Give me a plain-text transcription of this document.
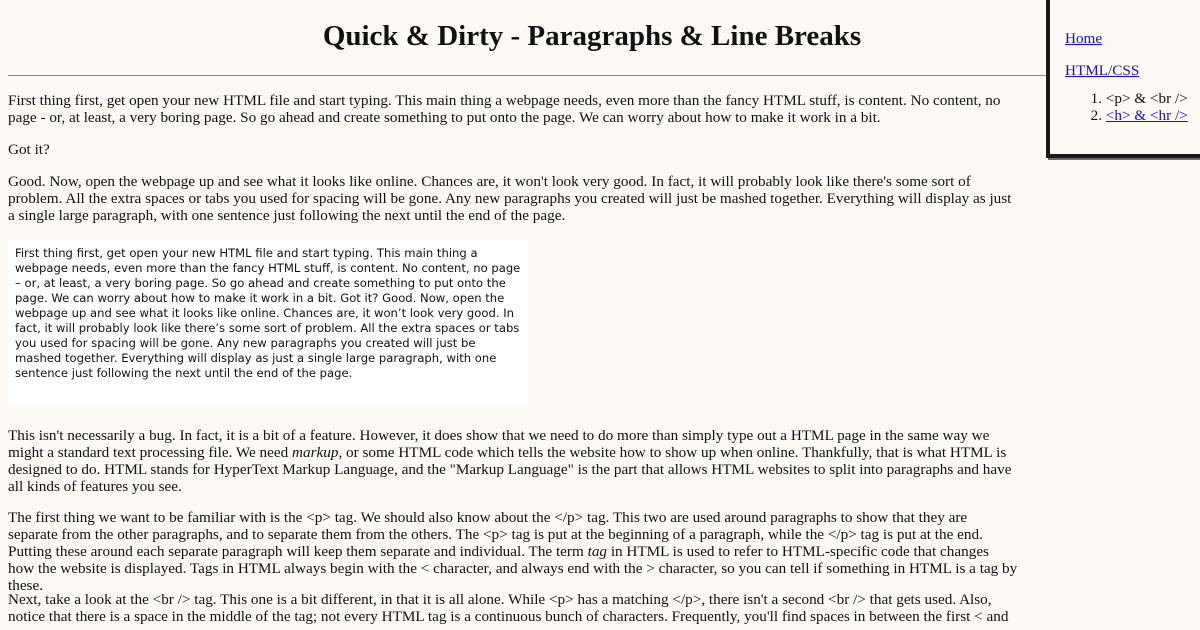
Quick & Dirty - Paragraphs & Line Breaks

First thing first, get open your new HTML file and start typing. This main thing a webpage needs, even more than the fancy HTML stuff, is content. No content, no page - or, at least, a very boring page. So go ahead and create something to put onto the page. We can worry about how to make it work in a bit.

Got it?

Good. Now, open the webpage up and see what it looks like online. Chances are, it won't look very good. In fact, it will probably look like there's some sort of problem. All the extra spaces or tabs you used for spacing will be gone. Any new paragraphs you created will just be mashed together. Everything will display as just a single large paragraph, with one sentence just following the next until the end of the page.

First thing first, get open your new HTML file and start typing. This main thing a webpage needs, even more than the fancy HTML stuff, is content. No content, no page – or, at least, a very boring page. So go ahead and create something to put onto the page. We can worry about how to make it work in a bit. Got it? Good. Now, open the webpage up and see what it looks like online. Chances are, it won’t look very good. In fact, it will probably look like there’s some sort of problem. All the extra spaces or tabs you used for spacing will be gone. Any new paragraphs you created will just be mashed together. Everything will display as just a single large paragraph, with one sentence just following the next until the end of the page.

This isn't necessarily a bug. In fact, it is a bit of a feature. However, it does show that we need to do more than simply type out a HTML page in the same way we might a standard text processing file. We need markup, or some HTML code which tells the website how to show up when online. Thankfully, that is what HTML is designed to do. HTML stands for HyperText Markup Language, and the "Markup Language" is the part that allows HTML websites to split into paragraphs and have all kinds of features you see.

The first thing we want to be familiar with is the <p> tag. We should also know about the </p> tag. This two are used around paragraphs to show that they are separate from the other paragraphs, and to separate them from the others. The <p> tag is put at the beginning of a paragraph, while the </p> tag is put at the end. Putting these around each separate paragraph will keep them separate and individual. The term tag in HTML is used to refer to HTML-specific code that changes how the website is displayed. Tags in HTML always begin with the < character, and always end with the > character, so you can tell if something in HTML is a tag by these.

Next, take a look at the <br /> tag. This one is a bit different, in that it is all alone. While <p> has a matching </p>, there isn't a second <br /> that gets used. Also, notice that there is a space in the middle of the tag; not every HTML tag is a continuous bunch of characters. Frequently, you'll find spaces in between the first < and

Home
HTML/CSS
1. <p> & <br />
2. <h> & <hr />
